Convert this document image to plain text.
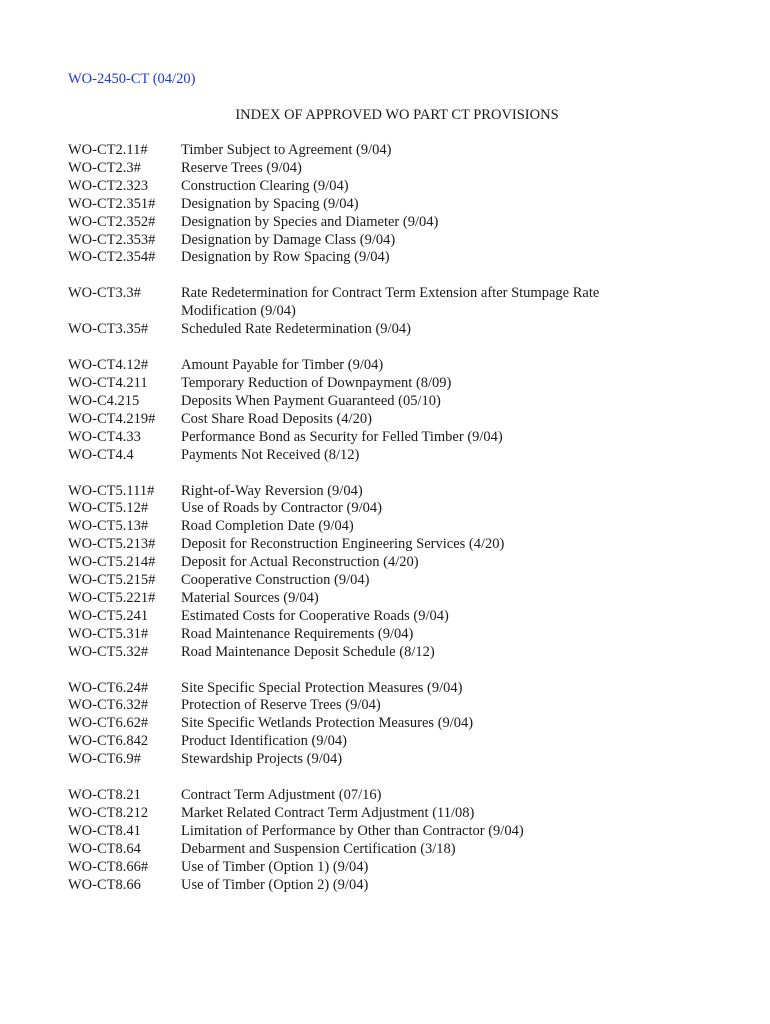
WO-2450-CT (04/20)
INDEX OF APPROVED WO PART CT PROVISIONS
WO-CT2.11#	Timber Subject to Agreement (9/04)
WO-CT2.3#	Reserve Trees (9/04)
WO-CT2.323	Construction Clearing (9/04)
WO-CT2.351#	Designation by Spacing (9/04)
WO-CT2.352#	Designation by Species and Diameter (9/04)
WO-CT2.353#	Designation by Damage Class (9/04)
WO-CT2.354#	Designation by Row Spacing (9/04)
WO-CT3.3#	Rate Redetermination for Contract Term Extension after Stumpage Rate Modification (9/04)
WO-CT3.35#	Scheduled Rate Redetermination (9/04)
WO-CT4.12#	Amount Payable for Timber (9/04)
WO-CT4.211	Temporary Reduction of Downpayment (8/09)
WO-C4.215	Deposits When Payment Guaranteed (05/10)
WO-CT4.219#	Cost Share Road Deposits (4/20)
WO-CT4.33	Performance Bond as Security for Felled Timber (9/04)
WO-CT4.4	Payments Not Received (8/12)
WO-CT5.111#	Right-of-Way Reversion (9/04)
WO-CT5.12#	Use of Roads by Contractor (9/04)
WO-CT5.13#	Road Completion Date (9/04)
WO-CT5.213#	Deposit for Reconstruction Engineering Services (4/20)
WO-CT5.214#	Deposit for Actual Reconstruction (4/20)
WO-CT5.215#	Cooperative Construction (9/04)
WO-CT5.221#	Material Sources (9/04)
WO-CT5.241	Estimated Costs for Cooperative Roads (9/04)
WO-CT5.31#	Road Maintenance Requirements (9/04)
WO-CT5.32#	Road Maintenance Deposit Schedule (8/12)
WO-CT6.24#	Site Specific Special Protection Measures (9/04)
WO-CT6.32#	Protection of Reserve Trees (9/04)
WO-CT6.62#	Site Specific Wetlands Protection Measures (9/04)
WO-CT6.842	Product Identification (9/04)
WO-CT6.9#	Stewardship Projects (9/04)
WO-CT8.21	Contract Term Adjustment (07/16)
WO-CT8.212	Market Related Contract Term Adjustment (11/08)
WO-CT8.41	Limitation of Performance by Other than Contractor (9/04)
WO-CT8.64	Debarment and Suspension Certification (3/18)
WO-CT8.66#	Use of Timber (Option 1) (9/04)
WO-CT8.66	Use of Timber (Option 2) (9/04)
